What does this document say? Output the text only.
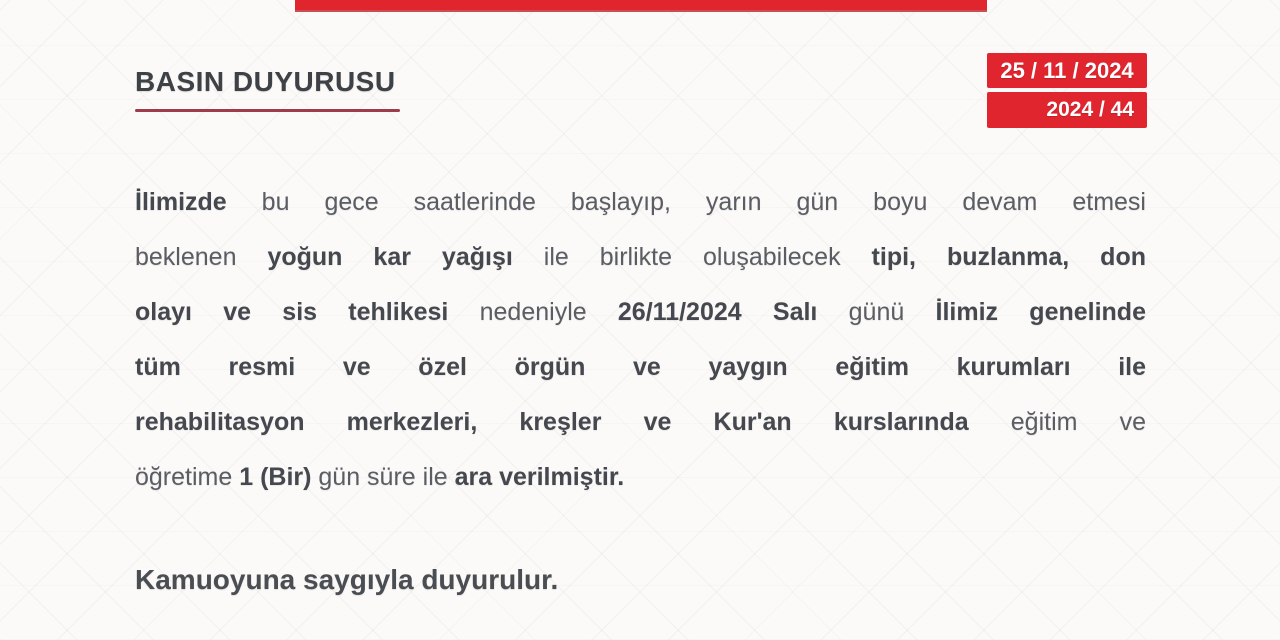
BASIN DUYURUSU	25 / 11 / 2024
2024 / 44
İlimizde bu gece saatlerinde başlayıp, yarın gün boyu devam etmesi
beklenen yoğun kar yağışı ile birlikte oluşabilecek tipi, buzlanma, don
olayı ve sis tehlikesi nedeniyle 26/11/2024 Salı günü İlimiz genelinde
tüm resmi ve özel örgün ve yaygın eğitim kurumları ile
rehabilitasyon merkezleri, kreşler ve Kur'an kurslarında eğitim ve
öğretime 1 (Bir) gün süre ile ara verilmiştir.
Kamuoyuna saygıyla duyurulur.
